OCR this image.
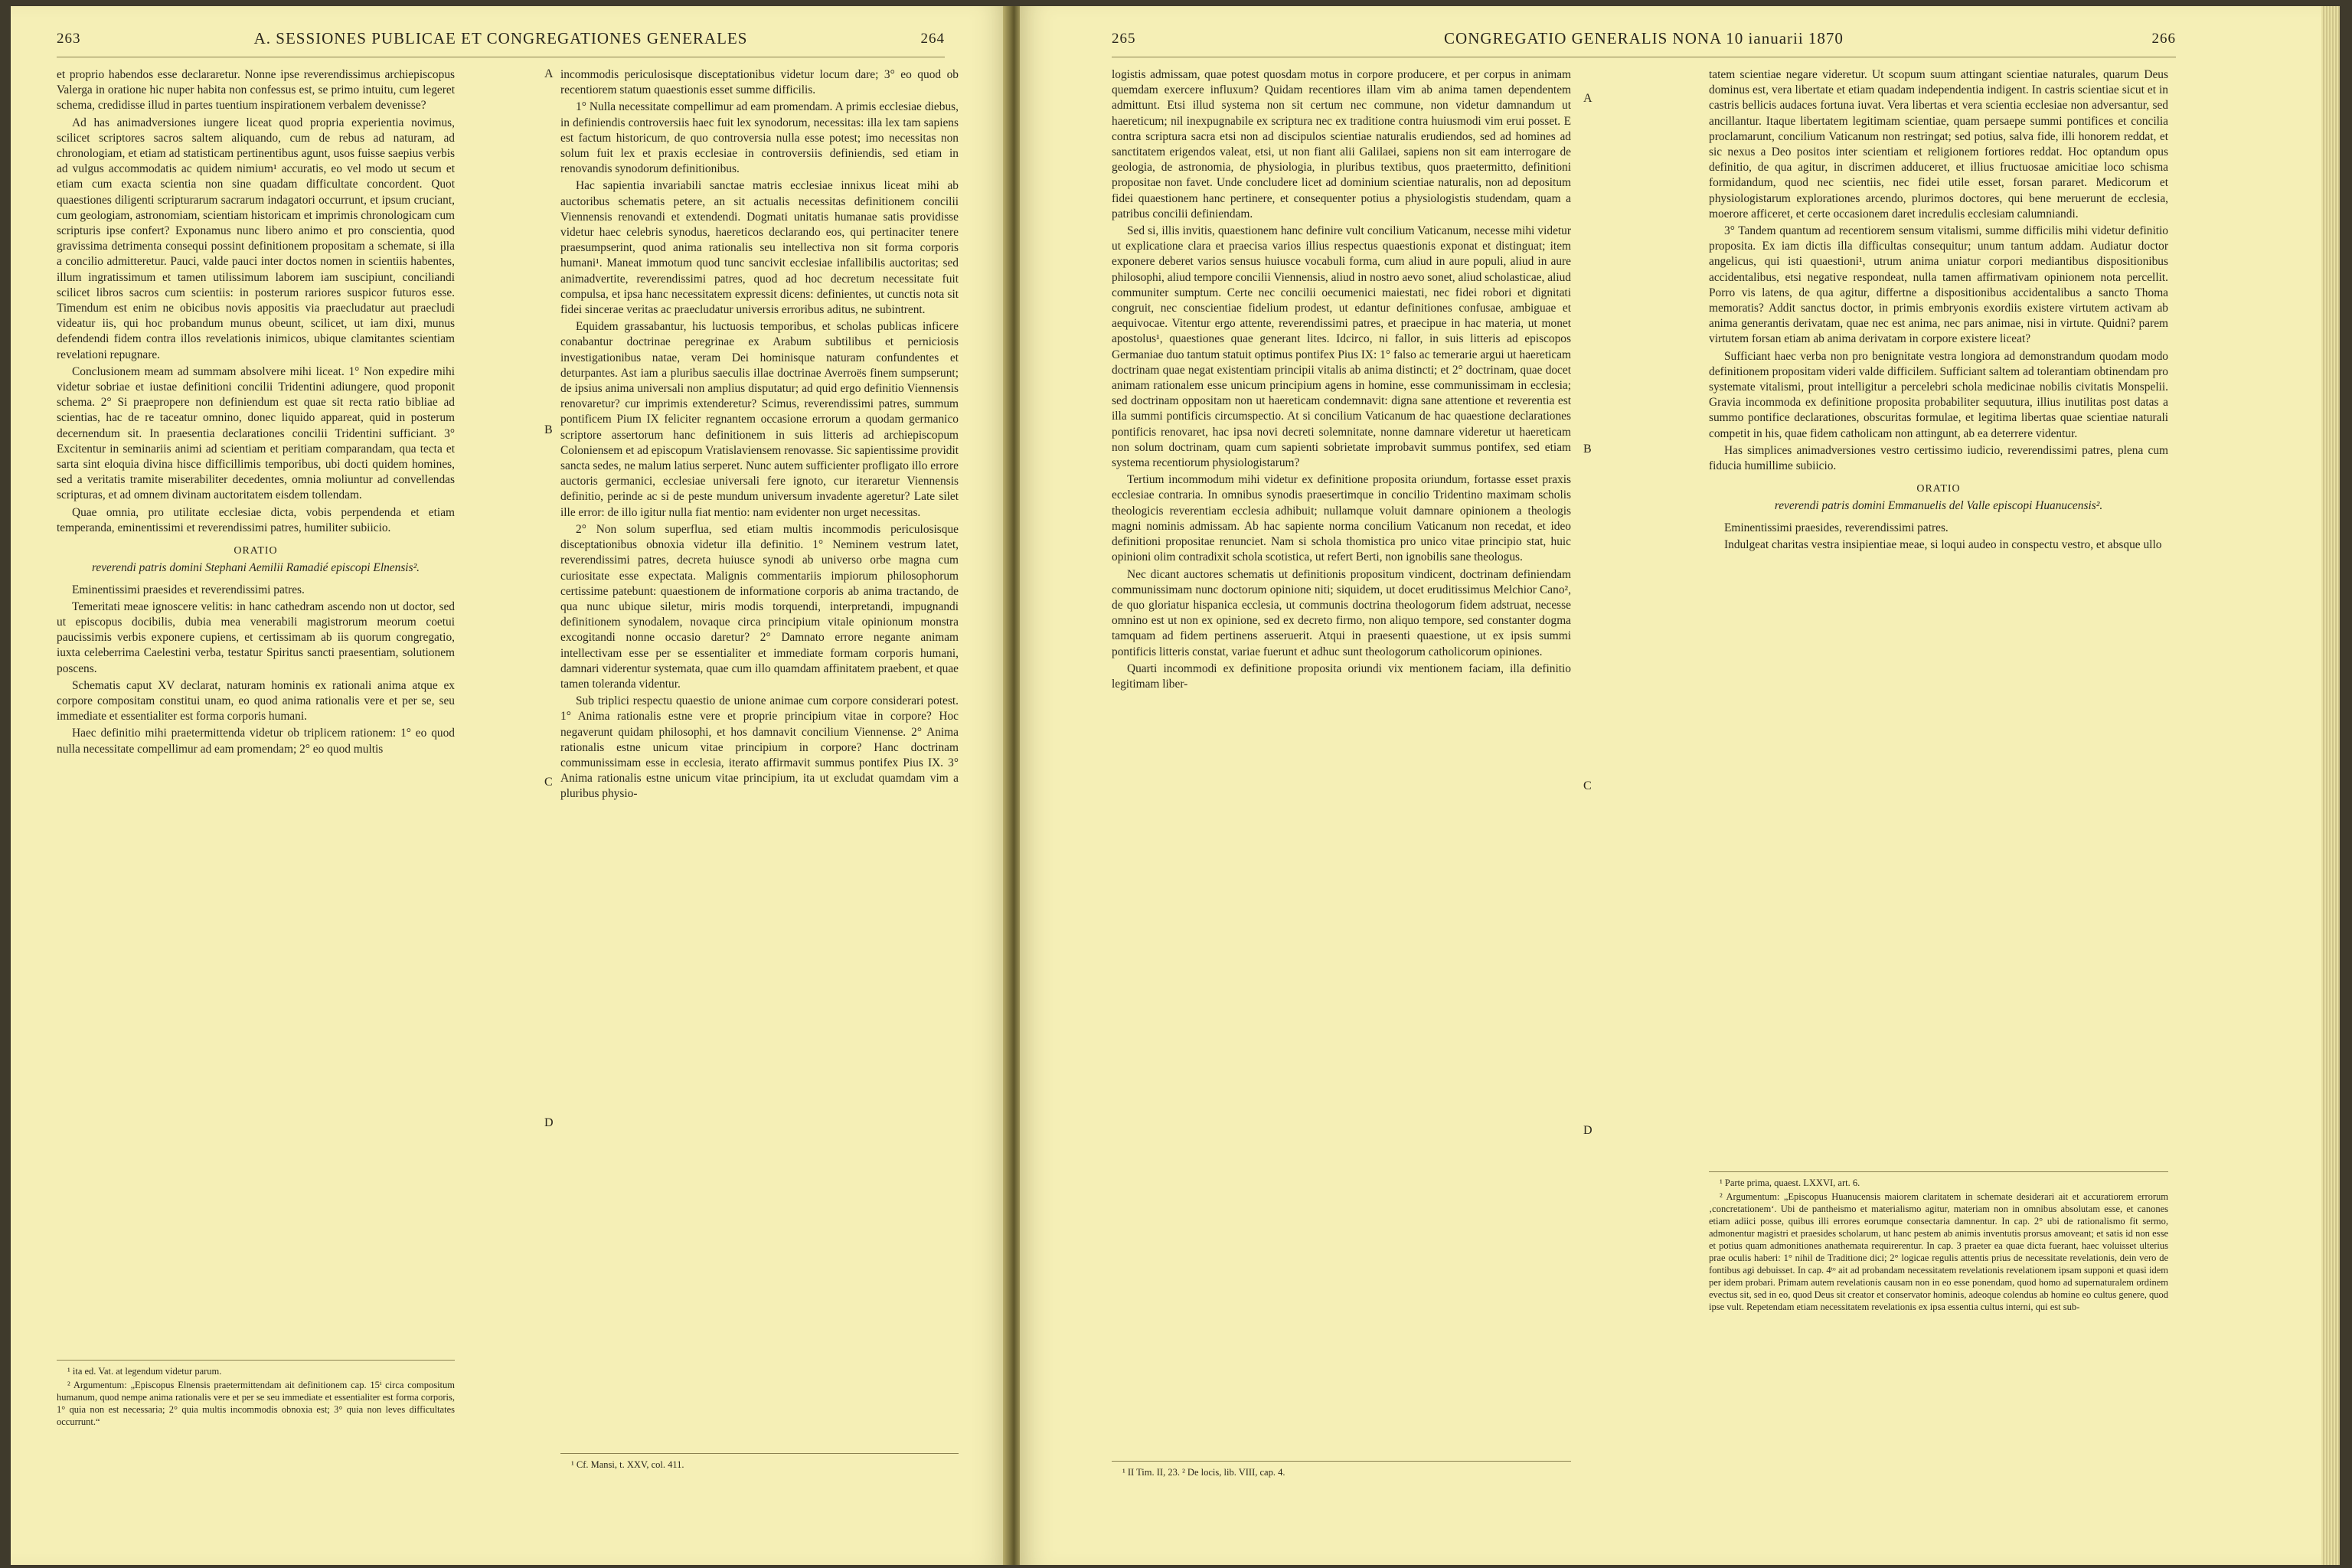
263	A. SESSIONES PUBLICAE ET CONGREGATIONES GENERALES	264

et proprio habendos esse declararetur. Nonne ipse reverendissimus archiepiscopus Valerga in oratione hic nuper habita non confessus est, se primo intuitu, cum legeret schema, credidisse illud in partes tuentium inspirationem verbalem devenisse?

Ad has animadversiones iungere liceat quod propria experientia novimus, scilicet scriptores sacros saltem aliquando, cum de rebus ad naturam, ad chronologiam, et etiam ad statisticam pertinentibus agunt, usos fuisse saepius verbis ad vulgus accommodatis ac quidem nimium¹ accuratis, eo vel modo ut secum et etiam cum exacta scientia non sine quadam difficultate concordent. Quot quaestiones diligenti scripturarum sacrarum indagatori occurrunt, et ipsum cruciant, cum geologiam, astronomiam, scientiam historicam et imprimis chronologicam cum scripturis ipse confert? Exponamus nunc libero animo et pro conscientia, quod gravissima detrimenta consequi possint definitionem propositam a schemate, si illa a concilio admitteretur. Pauci, valde pauci inter doctos nomen in scientiis habentes, illum ingratissimum et tamen utilissimum laborem iam suscipiunt, conciliandi scilicet libros sacros cum scientiis: in posterum rariores suspicor futuros esse. Timendum est enim ne obicibus novis appositis via praecludatur aut praecludi videatur iis, qui hoc probandum munus obeunt, scilicet, ut iam dixi, munus defendendi fidem contra illos revelationis inimicos, ubique clamitantes scientiam revelationi repugnare.

Conclusionem meam ad summam absolvere mihi liceat. 1° Non expedire mihi videtur sobriae et iustae definitioni concilii Tridentini adiungere, quod proponit schema. 2° Si praepropere non definiendum est quae sit recta ratio bibliae ad scientias, hac de re taceatur omnino, donec liquido appareat, quid in posterum decernendum sit. In praesentia declarationes concilii Tridentini sufficiant. 3° Excitentur in seminariis animi ad scientiam et peritiam comparandam, qua tecta et sarta sint eloquia divina hisce difficillimis temporibus, ubi docti quidem homines, sed a veritatis tramite miserabiliter decedentes, omnia moliuntur ad convellendas scripturas, et ad omnem divinam auctoritatem eisdem tollendam.

Quae omnia, pro utilitate ecclesiae dicta, vobis perpendenda et etiam temperanda, eminentissimi et reverendissimi patres, humiliter subiicio.

ORATIO

reverendi patris domini Stephani Aemilii Ramadié episcopi Elnensis².

Eminentissimi praesides et reverendissimi patres.

Temeritati meae ignoscere velitis: in hanc cathedram ascendo non ut doctor, sed ut episcopus docibilis, dubia mea venerabili magistrorum meorum coetui paucissimis verbis exponere cupiens, et certissimam ab iis quorum congregatio, iuxta celeberrima Caelestini verba, testatur Spiritus sancti praesentiam, solutionem poscens.

Schematis caput XV declarat, naturam hominis ex rationali anima atque ex corpore compositam constitui unam, eo quod anima rationalis vere et per se, seu immediate et essentialiter est forma corporis humani.

Haec definitio mihi praetermittenda videtur ob triplicem rationem: 1° eo quod nulla necessitate compellimur ad eam promendam; 2° eo quod multis

¹ ita ed. Vat. at legendum videtur parum.

² Argumentum: „Episcopus Elnensis praetermittendam ait definitionem cap. 15ⁱ circa compositum humanum, quod nempe anima rationalis vere et per se seu immediate et essentialiter est forma corporis, 1° quia non est necessaria; 2° quia multis incommodis obnoxia est; 3° quia non leves difficultates occurrunt.“

incommodis periculosisque disceptationibus videtur locum dare; 3° eo quod ob recentiorem statum quaestionis esset summe difficilis.

1° Nulla necessitate compellimur ad eam promendam. A primis ecclesiae diebus, in definiendis controversiis haec fuit lex synodorum, necessitas: illa lex tam sapiens est factum historicum, de quo controversia nulla esse potest; imo necessitas non solum fuit lex et praxis ecclesiae in controversiis definiendis, sed etiam in renovandis synodorum definitionibus.

Hac sapientia invariabili sanctae matris ecclesiae innixus liceat mihi ab auctoribus schematis petere, an sit actualis necessitas definitionem concilii Viennensis renovandi et extendendi. Dogmati unitatis humanae satis providisse videtur haec celebris synodus, haereticos declarando eos, qui pertinaciter tenere praesumpserint, quod anima rationalis seu intellectiva non sit forma corporis humani¹. Maneat immotum quod tunc sancivit ecclesiae infallibilis auctoritas; sed animadvertite, reverendissimi patres, quod ad hoc decretum necessitate fuit compulsa, et ipsa hanc necessitatem expressit dicens: definientes, ut cunctis nota sit fidei sincerae veritas ac praecludatur universis erroribus aditus, ne subintrent.

Equidem grassabantur, his luctuosis temporibus, et scholas publicas inficere conabantur doctrinae peregrinae ex Arabum subtilibus et perniciosis investigationibus natae, veram Dei hominisque naturam confundentes et deturpantes. Ast iam a pluribus saeculis illae doctrinae Averroës finem sumpserunt; de ipsius anima universali non amplius disputatur; ad quid ergo definitio Viennensis renovaretur? cur imprimis extenderetur? Scimus, reverendissimi patres, summum pontificem Pium IX feliciter regnantem occasione errorum a quodam germanico scriptore assertorum hanc definitionem in suis litteris ad archiepiscopum Coloniensem et ad episcopum Vratislaviensem renovasse. Sic sapientissime providit sancta sedes, ne malum latius serperet. Nunc autem sufficienter profligato illo errore auctoris germanici, ecclesiae universali fere ignoto, cur iteraretur Viennensis definitio, perinde ac si de peste mundum universum invadente ageretur? Late silet ille error: de illo igitur nulla fiat mentio: nam evidenter non urget necessitas.

2° Non solum superflua, sed etiam multis incommodis periculosisque disceptationibus obnoxia videtur illa definitio. 1° Neminem vestrum latet, reverendissimi patres, decreta huiusce synodi ab universo orbe magna cum curiositate esse expectata. Malignis commentariis impiorum philosophorum certissime patebunt: quaestionem de informatione corporis ab anima tractando, de qua nunc ubique siletur, miris modis torquendi, interpretandi, impugnandi definitionem synodalem, novaque circa principium vitale opinionum monstra excogitandi nonne occasio daretur? 2° Damnato errore negante animam intellectivam esse per se essentialiter et immediate formam corporis humani, damnari viderentur systemata, quae cum illo quamdam affinitatem praebent, et quae tamen toleranda videntur.

Sub triplici respectu quaestio de unione animae cum corpore considerari potest. 1° Anima rationalis estne vere et proprie principium vitae in corpore? Hoc negaverunt quidam philosophi, et hos damnavit concilium Viennense. 2° Anima rationalis estne unicum vitae principium in corpore? Hanc doctrinam communissimam esse in ecclesia, iterato affirmavit summus pontifex Pius IX. 3° Anima rationalis estne unicum vitae principium, ita ut excludat quamdam vim a pluribus physio-

¹ Cf. Mansi, t. XXV, col. 411.

A
B
C
D
265	CONGREGATIO GENERALIS NONA 10 ianuarii 1870	266

logistis admissam, quae potest quosdam motus in corpore producere, et per corpus in animam quemdam exercere influxum? Quidam recentiores illam vim ab anima tamen dependentem admittunt. Etsi illud systema non sit certum nec commune, non videtur damnandum ut haereticum; nil inexpugnabile ex scriptura nec ex traditione contra huiusmodi vim erui posset. E contra scriptura sacra etsi non ad discipulos scientiae naturalis erudiendos, sed ad homines ad sanctitatem erigendos valeat, etsi, ut non fiant alii Galilaei, sapiens non sit eam interrogare de geologia, de astronomia, de physiologia, in pluribus textibus, quos praetermitto, definitioni propositae non favet. Unde concludere licet ad dominium scientiae naturalis, non ad depositum fidei quaestionem hanc pertinere, et consequenter potius a physiologistis studendam, quam a patribus concilii definiendam.

Sed si, illis invitis, quaestionem hanc definire vult concilium Vaticanum, necesse mihi videtur ut explicatione clara et praecisa varios illius respectus quaestionis exponat et distinguat; item exponere deberet varios sensus huiusce vocabuli forma, cum aliud in aure populi, aliud in aure philosophi, aliud tempore concilii Viennensis, aliud in nostro aevo sonet, aliud scholasticae, aliud communiter sumptum. Certe nec concilii oecumenici maiestati, nec fidei robori et dignitati congruit, nec conscientiae fidelium prodest, ut edantur definitiones confusae, ambiguae et aequivocae. Vitentur ergo attente, reverendissimi patres, et praecipue in hac materia, ut monet apostolus¹, quaestiones quae generant lites. Idcirco, ni fallor, in suis litteris ad episcopos Germaniae duo tantum statuit optimus pontifex Pius IX: 1° falso ac temerarie argui ut haereticam doctrinam quae negat existentiam principii vitalis ab anima distincti; et 2° doctrinam, quae docet animam rationalem esse unicum principium agens in homine, esse communissimam in ecclesia; sed doctrinam oppositam non ut haereticam condemnavit: digna sane attentione et reverentia est illa summi pontificis circumspectio. At si concilium Vaticanum de hac quaestione declarationes pontificis renovaret, hac ipsa novi decreti solemnitate, nonne damnare videretur ut haereticam non solum doctrinam, quam cum sapienti sobrietate improbavit summus pontifex, sed etiam systema recentiorum physiologistarum?

Tertium incommodum mihi videtur ex definitione proposita oriundum, fortasse esset praxis ecclesiae contraria. In omnibus synodis praesertimque in concilio Tridentino maximam scholis theologicis reverentiam ecclesia adhibuit; nullamque voluit damnare opinionem a theologis magni nominis admissam. Ab hac sapiente norma concilium Vaticanum non recedat, et ideo definitioni propositae renunciet. Nam si schola thomistica pro unico vitae principio stat, huic opinioni olim contradixit schola scotistica, ut refert Berti, non ignobilis sane theologus.

Nec dicant auctores schematis ut definitionis propositum vindicent, doctrinam definiendam communissimam nunc doctorum opinione niti; siquidem, ut docet eruditissimus Melchior Cano², de quo gloriatur hispanica ecclesia, ut communis doctrina theologorum fidem adstruat, necesse omnino est ut non ex opinione, sed ex decreto firmo, non aliquo tempore, sed constanter dogma tamquam ad fidem pertinens asseruerit. Atqui in praesenti quaestione, ut ex ipsis summi pontificis litteris constat, variae fuerunt et adhuc sunt theologorum catholicorum opiniones.

Quarti incommodi ex definitione proposita oriundi vix mentionem faciam, illa definitio legitimam liber-

¹ II Tim. II, 23. ² De locis, lib. VIII, cap. 4.

tatem scientiae negare videretur. Ut scopum suum attingant scientiae naturales, quarum Deus dominus est, vera libertate et etiam quadam independentia indigent. In castris scientiae sicut et in castris bellicis audaces fortuna iuvat. Vera libertas et vera scientia ecclesiae non adversantur, sed ancillantur. Itaque libertatem legitimam scientiae, quam persaepe summi pontifices et concilia proclamarunt, concilium Vaticanum non restringat; sed potius, salva fide, illi honorem reddat, et sic nexus a Deo positos inter scientiam et religionem fortiores reddat. Hoc optandum opus definitio, de qua agitur, in discrimen adduceret, et illius fructuosae amicitiae loco schisma formidandum, quod nec scientiis, nec fidei utile esset, forsan pararet. Medicorum et physiologistarum explorationes arcendo, plurimos doctores, qui bene meruerunt de ecclesia, moerore afficeret, et certe occasionem daret incredulis ecclesiam calumniandi.

3° Tandem quantum ad recentiorem sensum vitalismi, summe difficilis mihi videtur definitio proposita. Ex iam dictis illa difficultas consequitur; unum tantum addam. Audiatur doctor angelicus, qui isti quaestioni¹, utrum anima uniatur corpori mediantibus dispositionibus accidentalibus, etsi negative respondeat, nulla tamen affirmativam opinionem nota percellit. Porro vis latens, de qua agitur, differtne a dispositionibus accidentalibus a sancto Thoma memoratis? Addit sanctus doctor, in primis embryonis exordiis existere virtutem activam ab anima generantis derivatam, quae nec est anima, nec pars animae, nisi in virtute. Quidni? parem virtutem forsan etiam ab anima derivatam in corpore existere liceat?

Sufficiant haec verba non pro benignitate vestra longiora ad demonstrandum quodam modo definitionem propositam videri valde difficilem. Sufficiant saltem ad tolerantiam obtinendam pro systemate vitalismi, prout intelligitur a percelebri schola medicinae nobilis civitatis Monspelii. Gravia incommoda ex definitione proposita probabiliter sequutura, illius inutilitas post datas a summo pontifice declarationes, obscuritas formulae, et legitima libertas quae scientiae naturali competit in his, quae fidem catholicam non attingunt, ab ea deterrere videntur.

Has simplices animadversiones vestro certissimo iudicio, reverendissimi patres, plena cum fiducia humillime subiicio.

ORATIO

reverendi patris domini Emmanuelis del Valle episcopi Huanucensis².

Eminentissimi praesides, reverendissimi patres.

Indulgeat charitas vestra insipientiae meae, si loqui audeo in conspectu vestro, et absque ullo

¹ Parte prima, quaest. LXXVI, art. 6.

² Argumentum: „Episcopus Huanucensis maiorem claritatem in schemate desiderari ait et accuratiorem errorum ‚concretationem‘. Ubi de pantheismo et materialismo agitur, materiam non in omnibus absolutam esse, et canones etiam adiici posse, quibus illi errores eorumque consectaria damnentur. In cap. 2° ubi de rationalismo fit sermo, admonentur magistri et praesides scholarum, ut hanc pestem ab animis inventutis prorsus amoveant; et satis id non esse et potius quam admonitiones anathemata requirerentur. In cap. 3 praeter ea quae dicta fuerant, haec voluisset ulterius prae oculis haberi: 1° nihil de Traditione dici; 2° logicae regulis attentis prius de necessitate revelationis, dein vero de fontibus agi debuisset. In cap. 4ᵗᵒ ait ad probandam necessitatem revelationis revelationem ipsam supponi et quasi idem per idem probari. Primam autem revelationis causam non in eo esse ponendam, quod homo ad supernaturalem ordinem evectus sit, sed in eo, quod Deus sit creator et conservator hominis, adeoque colendus ab homine eo cultus genere, quod ipse vult. Repetendam etiam necessitatem revelationis ex ipsa essentia cultus interni, qui est sub-

A
B
C
D
